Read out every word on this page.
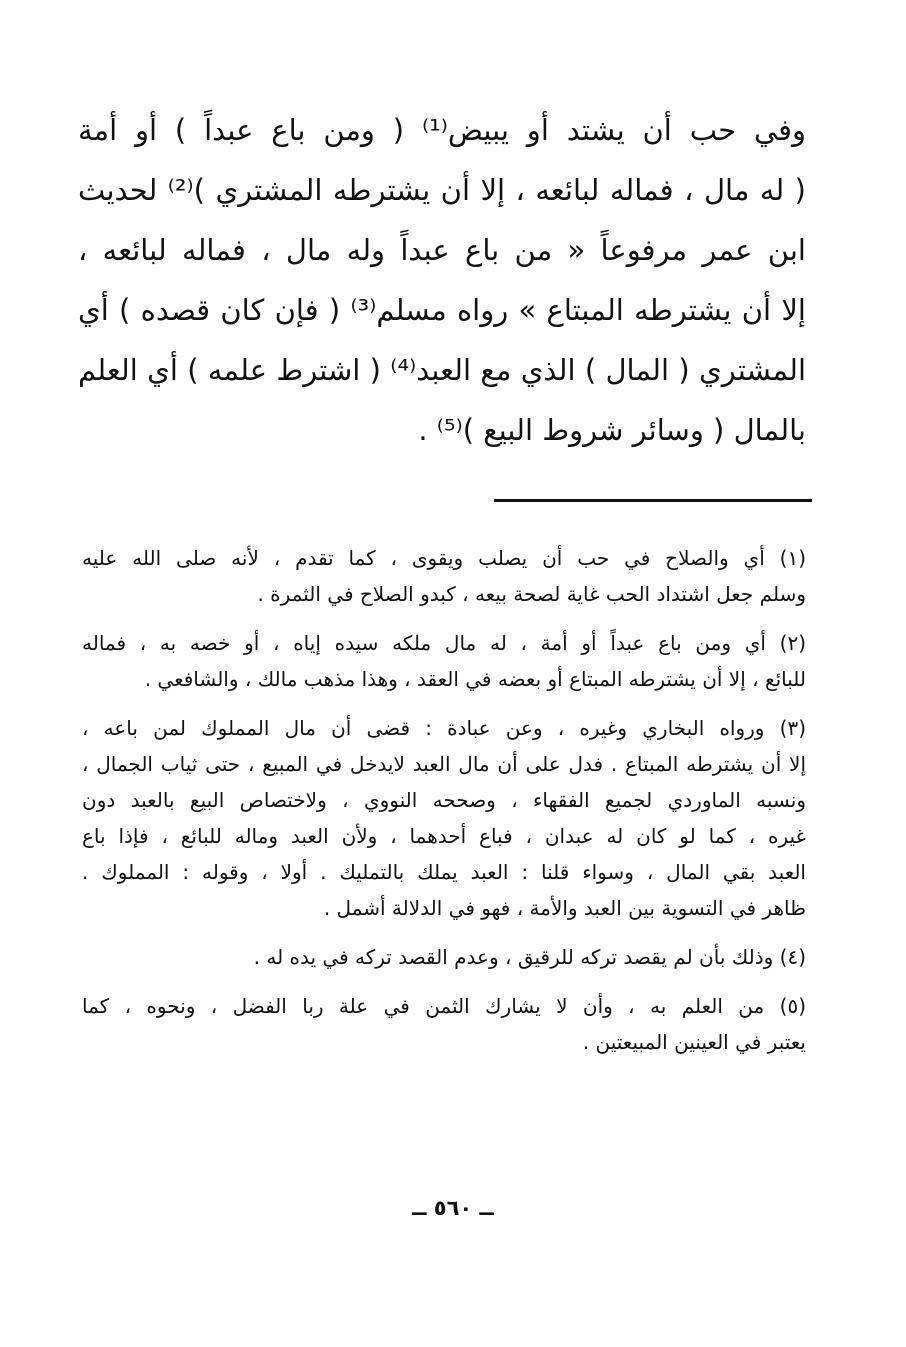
وفي حب أن يشتد أو يبيض⁽¹⁾ ( ومن باع عبداً ) أو أمة
( له مال ، فماله لبائعه ، إلا أن يشترطه المشتري )⁽²⁾ لحديث
ابن عمر مرفوعاً « من باع عبداً وله مال ، فماله لبائعه ،
إلا أن يشترطه المبتاع » رواه مسلم⁽³⁾ ( فإن كان قصده ) أي
المشتري ( المال ) الذي مع العبد⁽⁴⁾ ( اشترط علمه ) أي العلم
بالمال ( وسائر شروط البيع )⁽⁵⁾ .
(١) أي والصلاح في حب أن يصلب ويقوى ، كما تقدم ، لأنه صلى الله عليه
وسلم جعل اشتداد الحب غاية لصحة بيعه ، كبدو الصلاح في الثمرة .
(٢) أي ومن باع عبداً أو أمة ، له مال ملكه سيده إياه ، أو خصه به ، فماله
للبائع ، إلا أن يشترطه المبتاع أو بعضه في العقد ، وهذا مذهب مالك ، والشافعي .
(٣) ورواه البخاري وغيره ، وعن عبادة : قضى أن مال المملوك لمن باعه ،
إلا أن يشترطه المبتاع . فدل على أن مال العبد لايدخل في المبيع ، حتى ثياب الجمال ،
ونسبه الماوردي لجميع الفقهاء ، وصححه النووي ، ولاختصاص البيع بالعبد دون
غيره ، كما لو كان له عبدان ، فباع أحدهما ، ولأن العبد وماله للبائع ، فإذا باع
العبد بقي المال ، وسواء قلنا : العبد يملك بالتمليك . أولا ، وقوله : المملوك .
ظاهر في التسوية بين العبد والأمة ، فهو في الدلالة أشمل .
(٤) وذلك بأن لم يقصد تركه للرقيق ، وعدم القصد تركه في يده له .
(٥) من العلم به ، وأن لا يشارك الثمن في علة ربا الفضل ، ونحوه ، كما
يعتبر في العينين المبيعتين .
ــ ٥٦٠ ــ
